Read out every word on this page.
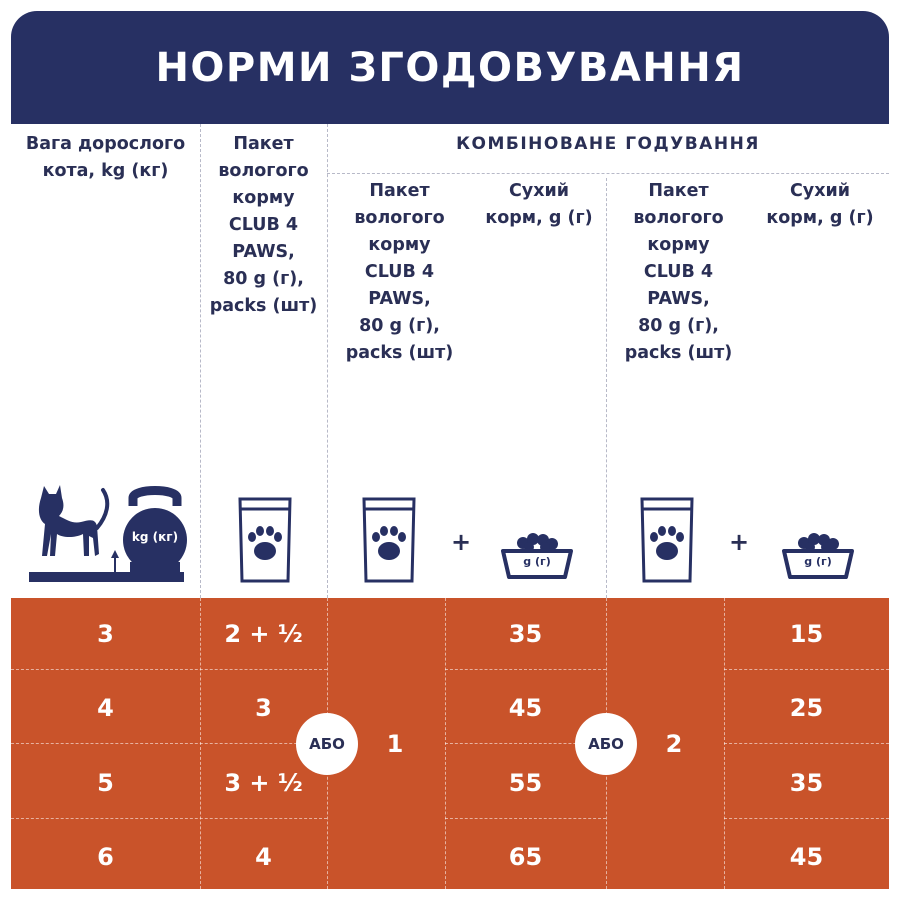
НОРМИ ЗГОДОВУВАННЯ
Вага дорослого
кота, kg (кг)
Пакет
вологого
корму
CLUB 4
PAWS,
80 g (г),
packs (шт)
КОМБІНОВАНЕ ГОДУВАННЯ
Пакет
вологого
корму
CLUB 4
PAWS,
80 g (г),
packs (шт)
Сухий
корм, g (г)
Пакет
вологого
корму
CLUB 4
PAWS,
80 g (г),
packs (шт)
Сухий
корм, g (г)
kg (кг)	+
g (г)
+
g (г)
3	2 + ½	35	15
4	3	45	25
5	3 + ½	55	35
6	4	65	45
1	2
АБО	АБО
